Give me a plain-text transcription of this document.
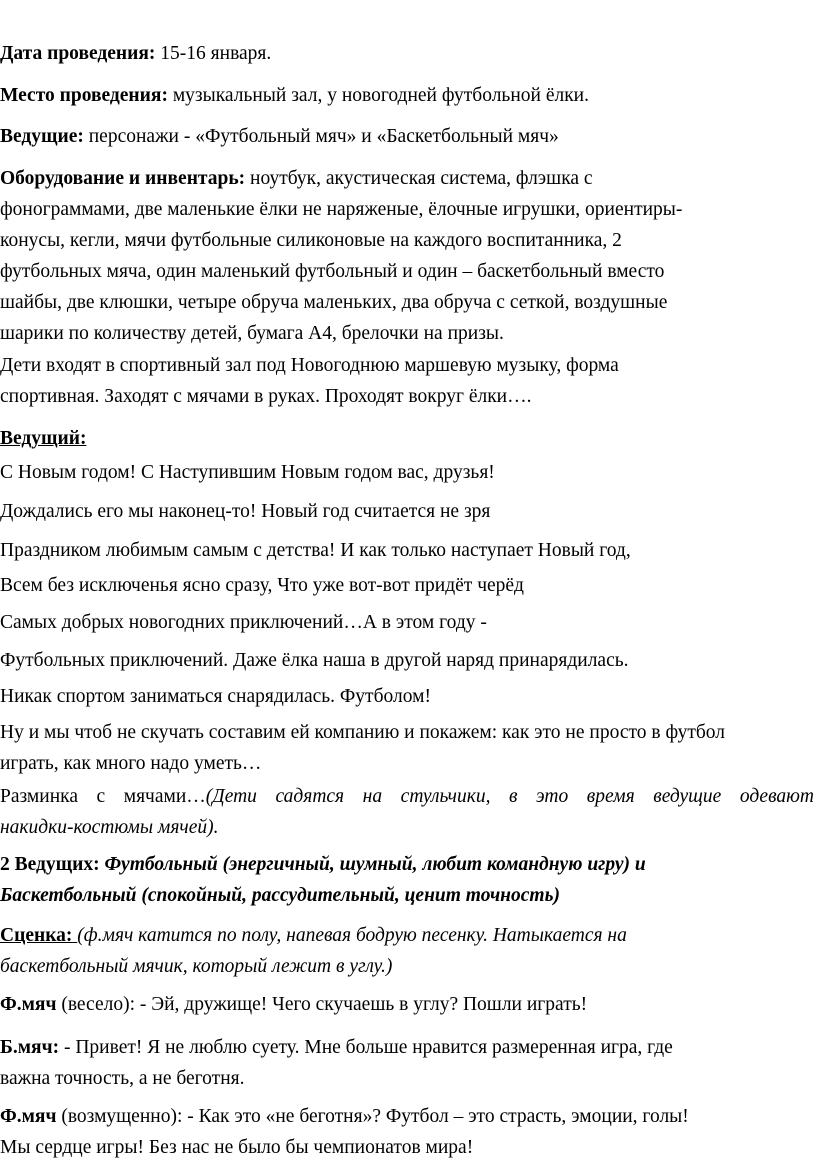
Дата проведения: 15-16 января.

Место проведения: музыкальный зал, у новогодней футбольной ёлки.

Ведущие: персонажи - «Футбольный мяч» и «Баскетбольный мяч»

Оборудование и инвентарь: ноутбук, акустическая система, флэшка с
фонограммами, две маленькие ёлки не наряженые, ёлочные игрушки, ориентиры-
конусы, кегли, мячи футбольные силиконовые на каждого воспитанника, 2
футбольных мяча, один маленький футбольный и один – баскетбольный вместо
шайбы, две клюшки, четыре обруча маленьких, два обруча с сеткой, воздушные
шарики по количеству детей, бумага А4, брелочки на призы.
Дети входят в спортивный зал под Новогоднюю маршевую музыку, форма
спортивная. Заходят с мячами в руках. Проходят вокруг ёлки….

Ведущий:

С Новым годом! С Наступившим Новым годом вас, друзья!

Дождались его мы наконец-то! Новый год считается не зря

Праздником любимым самым с детства! И как только наступает Новый год,

Всем без исключенья ясно сразу, Что уже вот-вот придёт черёд

Самых добрых новогодних приключений…А в этом году -

Футбольных приключений. Даже ёлка наша в другой наряд принарядилась.

Никак спортом заниматься снарядилась. Футболом!

Ну и мы чтоб не скучать составим ей компанию и покажем: как это не просто в футбол
играть, как много надо уметь…
Разминка с мячами…(Дети садятся на стульчики, в это время ведущие одевают
накидки-костюмы мячей).
2 Ведущих: Футбольный (энергичный, шумный, любит командную игру) и
Баскетбольный (спокойный, рассудительный, ценит точность)
Сценка: (ф.мяч катится по полу, напевая бодрую песенку. Натыкается на
баскетбольный мячик, который лежит в углу.)

Ф.мяч (весело): - Эй, дружище! Чего скучаешь в углу? Пошли играть!

Б.мяч: - Привет! Я не люблю суету. Мне больше нравится размеренная игра, где
важна точность, а не беготня.
Ф.мяч (возмущенно): - Как это «не беготня»? Футбол – это страсть, эмоции, голы!
Мы сердце игры! Без нас не было бы чемпионатов мира!
